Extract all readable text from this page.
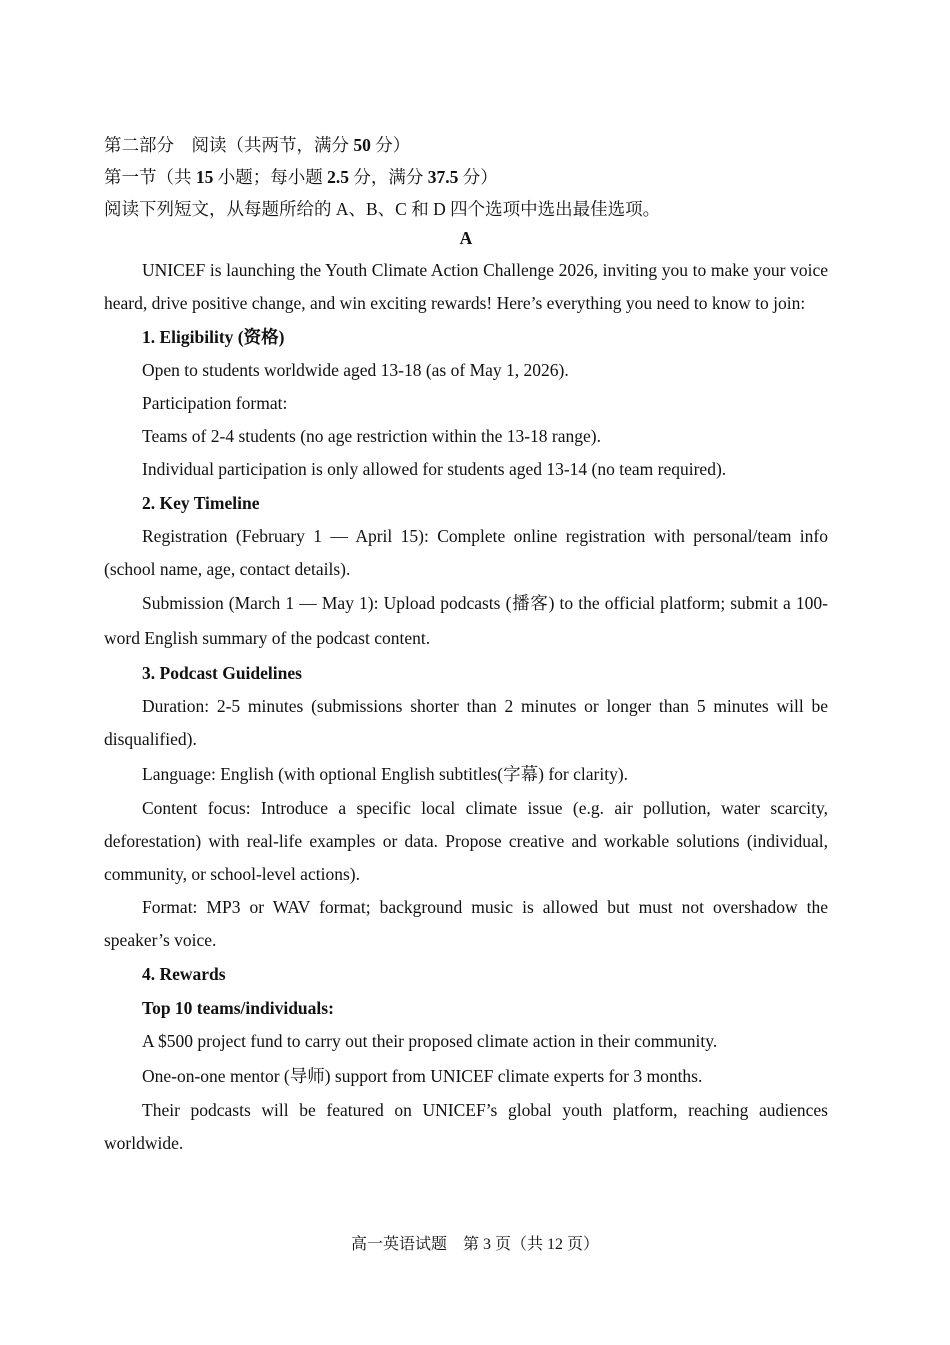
第二部分　阅读（共两节，满分 50 分）
第一节（共 15 小题；每小题 2.5 分，满分 37.5 分）
阅读下列短文，从每题所给的 A、B、C 和 D 四个选项中选出最佳选项。
A

UNICEF is launching the Youth Climate Action Challenge 2026, inviting you to make your voice heard, drive positive change, and win exciting rewards! Here’s everything you need to know to join:

1. Eligibility (资格)

Open to students worldwide aged 13-18 (as of May 1, 2026).

Participation format:

Teams of 2-4 students (no age restriction within the 13-18 range).

Individual participation is only allowed for students aged 13-14 (no team required).

2. Key Timeline

Registration (February 1 — April 15): Complete online registration with personal/team info (school name, age, contact details).

Submission (March 1 — May 1): Upload podcasts (播客) to the official platform; submit a 100-word English summary of the podcast content.

3. Podcast Guidelines

Duration: 2-5 minutes (submissions shorter than 2 minutes or longer than 5 minutes will be disqualified).

Language: English (with optional English subtitles(字幕) for clarity).

Content focus: Introduce a specific local climate issue (e.g. air pollution, water scarcity, deforestation) with real-life examples or data. Propose creative and workable solutions (individual, community, or school-level actions).

Format: MP3 or WAV format; background music is allowed but must not overshadow the speaker’s voice.

4. Rewards

Top 10 teams/individuals:

A $500 project fund to carry out their proposed climate action in their community.

One-on-one mentor (导师) support from UNICEF climate experts for 3 months.

Their podcasts will be featured on UNICEF’s global youth platform, reaching audiences worldwide.

高一英语试题　第 3 页（共 12 页）
